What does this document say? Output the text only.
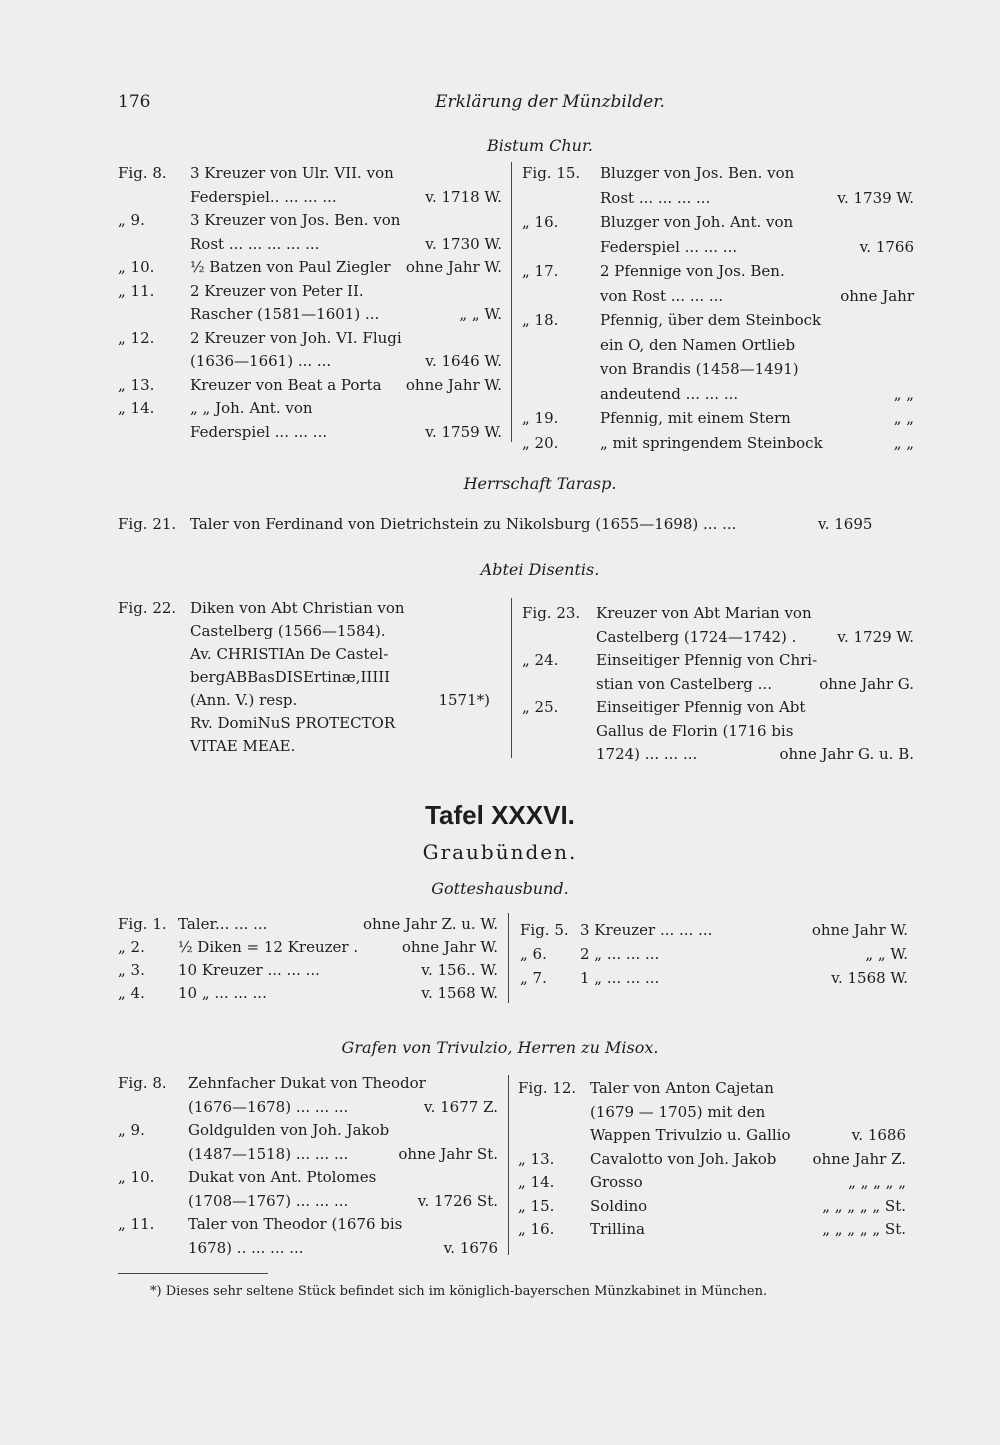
176	Erklärung der Münzbilder.
Bistum Chur.
Fig. 8. 3 Kreuzer von Ulr. VII. von
Federspiel.. ... ... ...	v. 1718 W.
„ 9.	3 Kreuzer von Jos. Ben. von
Rost ... ... ... ... ...	v. 1730 W.
„ 10. ½ Batzen von Paul Ziegler ohne Jahr W.
„ 11. 2 Kreuzer von Peter II.
Rascher (1581—1601) ...	„ „ W.
„ 12. 2 Kreuzer von Joh. VI. Flugi
(1636—1661) ... ...	v. 1646 W.
„ 13. Kreuzer von Beat a Porta ohne Jahr W.
„ 14. „ „ Joh. Ant. von
Federspiel ... ... ...	v. 1759 W.
Fig. 15. Bluzger von Jos. Ben. von
Rost ... ... ... ...	v. 1739 W.
„ 16.	Bluzger von Joh. Ant. von
Federspiel ... ... ...	v. 1766
„ 17.	2 Pfennige von Jos. Ben.
von Rost ... ... ...	ohne Jahr
„ 18.	Pfennig, über dem Steinbock
ein O, den Namen Ortlieb
von Brandis (1458—1491)
andeutend ... ... ...	„ „
„ 19.	Pfennig, mit einem Stern	„ „
„ 20.	„ mit springendem Steinbock	„ „
Herrschaft Tarasp.
Fig. 21. Taler von Ferdinand von Dietrichstein zu Nikolsburg (1655—1698) ... ...	v. 1695
Abtei Disentis.
Fig. 22. Diken von Abt Christian von
Castelberg (1566—1584).
Av. CHRISTIAn De Castel-
bergABBasDISErtinæ,IIIII
(Ann. V.) resp.	1571*)
Rv. DomiNuS PROTECTOR
VITAE MEAE.
Fig. 23. Kreuzer von Abt Marian von
Castelberg (1724—1742) .	v. 1729 W.
„ 24.	Einseitiger Pfennig von Chri-
stian von Castelberg ...	ohne Jahr G.
„ 25.	Einseitiger Pfennig von Abt
Gallus de Florin (1716 bis
1724) ... ... ...	ohne Jahr G. u. B.
Tafel XXXVI.
Graubünden.
Gotteshausbund.
Fig. 1. Taler... ... ...	ohne Jahr Z. u. W.
„ 2. ½ Diken = 12 Kreuzer .	ohne Jahr W.
„ 3. 10 Kreuzer ... ... ...	v. 156.. W.
„ 4. 10 „ ... ... ...	v. 1568 W.
Fig. 5. 3 Kreuzer ... ... ...	ohne Jahr W.
„ 6. 2 „ ... ... ...	„ „ W.
„ 7. 1 „ ... ... ...	v. 1568 W.
Grafen von Trivulzio, Herren zu Misox.
Fig. 8. Zehnfacher Dukat von Theodor
(1676—1678) ... ... ...	v. 1677 Z.
„ 9.	Goldgulden von Joh. Jakob
(1487—1518) ... ... ...	ohne Jahr St.
„ 10. Dukat von Ant. Ptolomes
(1708—1767) ... ... ...	v. 1726 St.
„ 11. Taler von Theodor (1676 bis
1678) .. ... ... ...	v. 1676
Fig. 12. Taler von Anton Cajetan
(1679 — 1705) mit den
Wappen Trivulzio u. Gallio	v. 1686
„ 13. Cavalotto von Joh. Jakob ohne Jahr Z.
„ 14. Grosso	„ „ „ „ „
„ 15. Soldino	„ „ „ „ „ St.
„ 16. Trillina	„ „ „ „ „ St.
*) Dieses sehr seltene Stück befindet sich im königlich-bayerschen Münzkabinet in München.
